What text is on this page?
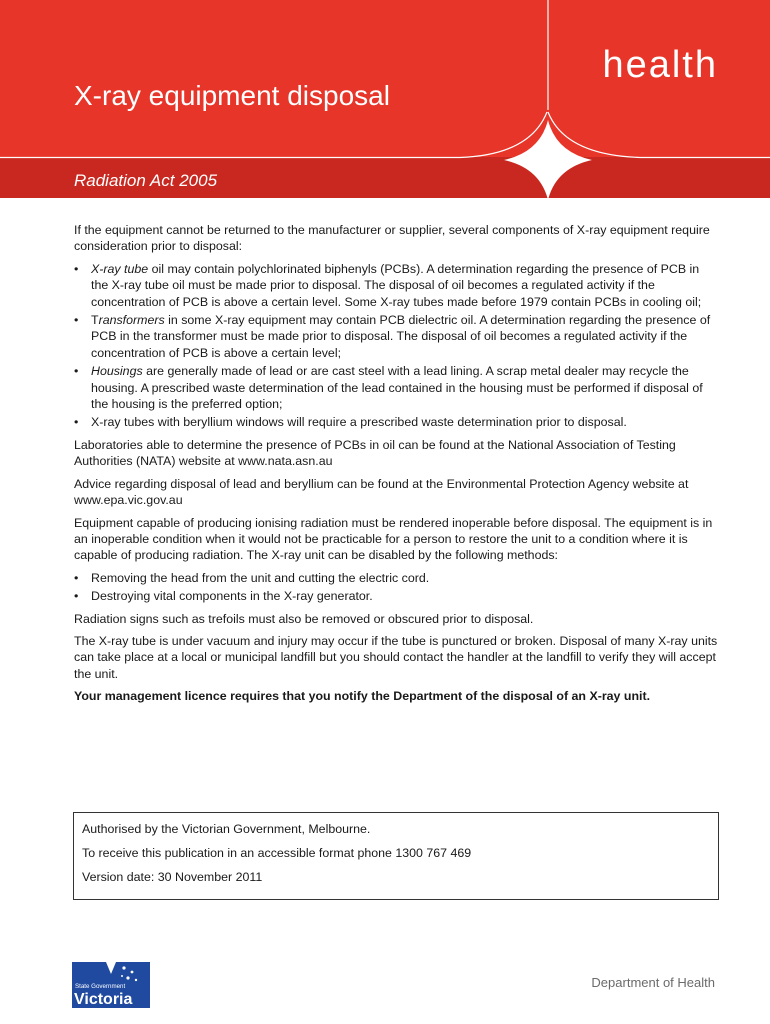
health
X-ray equipment disposal
Radiation Act 2005

If the equipment cannot be returned to the manufacturer or supplier, several components of X-ray equipment require consideration prior to disposal:

• X-ray tube oil may contain polychlorinated biphenyls (PCBs). A determination regarding the presence of PCB in the X-ray tube oil must be made prior to disposal. The disposal of oil becomes a regulated activity if the concentration of PCB is above a certain level. Some X-ray tubes made before 1979 contain PCBs in cooling oil;
• Transformers in some X-ray equipment may contain PCB dielectric oil. A determination regarding the presence of PCB in the transformer must be made prior to disposal. The disposal of oil becomes a regulated activity if the concentration of PCB is above a certain level;
• Housings are generally made of lead or are cast steel with a lead lining. A scrap metal dealer may recycle the housing. A prescribed waste determination of the lead contained in the housing must be performed if disposal of the housing is the preferred option;
• X-ray tubes with beryllium windows will require a prescribed waste determination prior to disposal.

Laboratories able to determine the presence of PCBs in oil can be found at the National Association of Testing Authorities (NATA) website at www.nata.asn.au

Advice regarding disposal of lead and beryllium can be found at the Environmental Protection Agency website at www.epa.vic.gov.au

Equipment capable of producing ionising radiation must be rendered inoperable before disposal. The equipment is in an inoperable condition when it would not be practicable for a person to restore the unit to a condition where it is capable of producing radiation. The X-ray unit can be disabled by the following methods:

• Removing the head from the unit and cutting the electric cord.
• Destroying vital components in the X-ray generator.

Radiation signs such as trefoils must also be removed or obscured prior to disposal.

The X-ray tube is under vacuum and injury may occur if the tube is punctured or broken. Disposal of many X-ray units can take place at a local or municipal landfill but you should contact the handler at the landfill to verify they will accept the unit.

Your management licence requires that you notify the Department of the disposal of an X-ray unit.

Authorised by the Victorian Government, Melbourne.

To receive this publication in an accessible format phone 1300 767 469

Version date: 30 November 2011

State Government
Victoria
Department of Health
